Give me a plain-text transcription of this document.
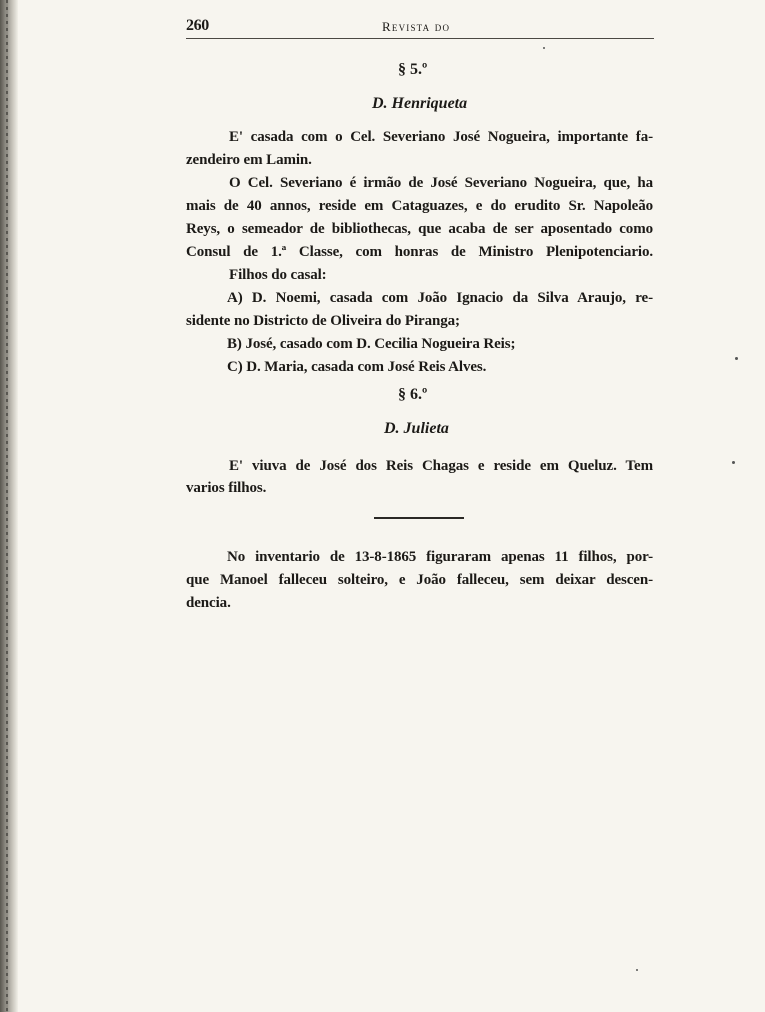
260	Revista do
§ 5.º
D. Henriqueta
E' casada com o Cel. Severiano José Nogueira, importante fa-
zendeiro em Lamin.
O Cel. Severiano é irmão de José Severiano Nogueira, que, ha
mais de 40 annos, reside em Cataguazes, e do erudito Sr. Napoleão
Reys, o semeador de bibliothecas, que acaba de ser aposentado como
Consul de 1.ª Classe, com honras de Ministro Plenipotenciario.
Filhos do casal:
A) D. Noemi, casada com João Ignacio da Silva Araujo, re-
sidente no Districto de Oliveira do Piranga;
B) José, casado com D. Cecilia Nogueira Reis;
C) D. Maria, casada com José Reis Alves.
§ 6.º
D. Julieta
E' viuva de José dos Reis Chagas e reside em Queluz. Tem
varios filhos.
No inventario de 13-8-1865 figuraram apenas 11 filhos, por-
que Manoel falleceu solteiro, e João falleceu, sem deixar descen-
dencia.
